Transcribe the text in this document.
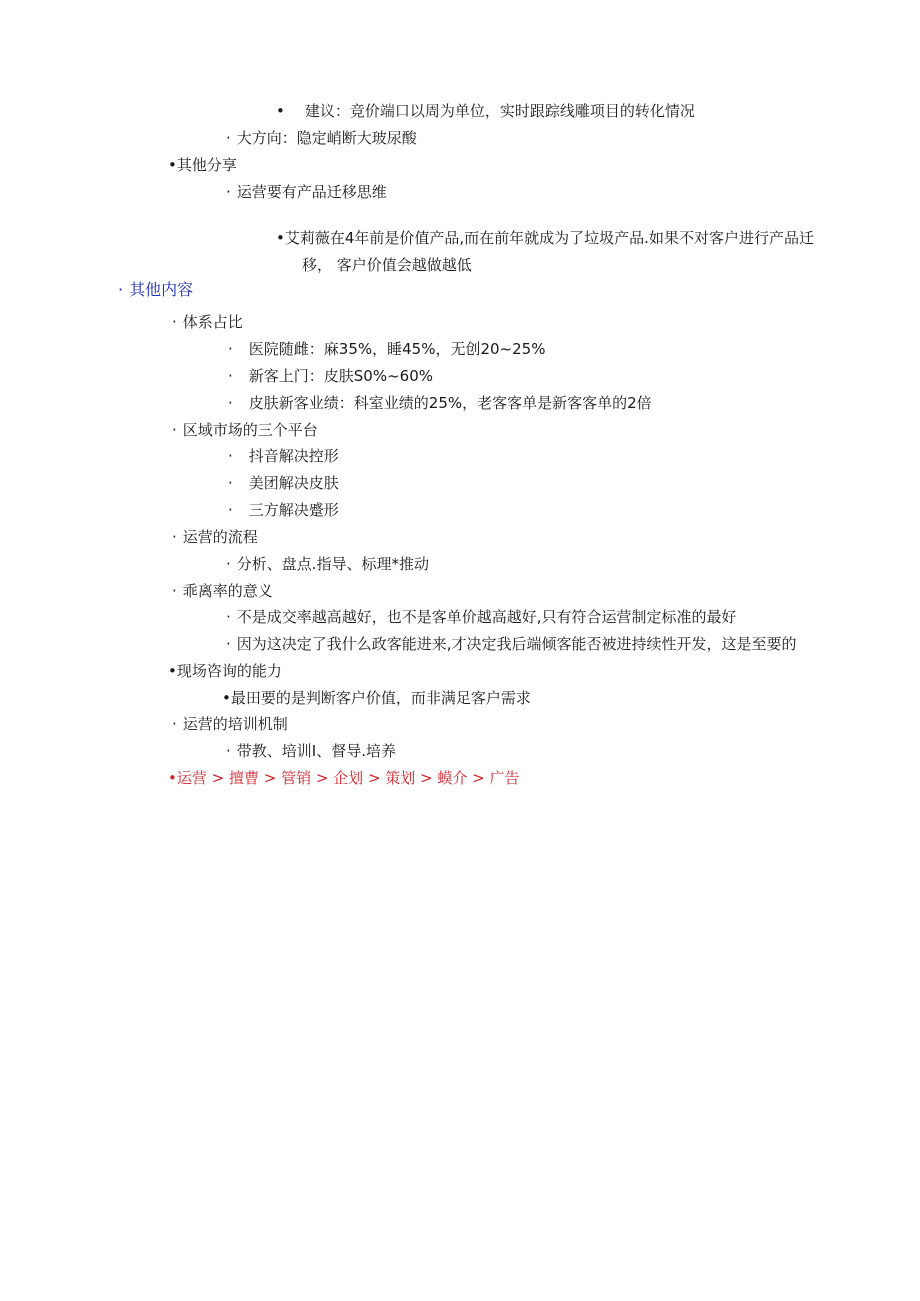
• 建议：竞价端口以周为单位，实时跟踪线雕项目的转化情况
· 大方向：隐定峭断大玻尿酸
•其他分享
· 运营要有产品迁移思维
•艾莉薇在4年前是价值产品,而在前年就成为了垃圾产品.如果不对客户进行产品迁
移， 客户价值会越做越低
· 其他内容
· 体系占比
· 医院随雌：麻35%，睡45%，无创20~25%
· 新客上门：皮肤S0%~60%
· 皮肤新客业绩：科室业绩的25%，老客客单是新客客单的2倍
· 区域市场的三个平台
· 抖音解决控形
· 美团解决皮肤
· 三方解决蹙形
· 运营的流程
· 分析、盘点.指导、标理*推动
· 乖离率的意义
· 不是成交率越高越好，也不是客单价越高越好,只有符合运营制定标准的最好
· 因为这决定了我什么政客能进来,才决定我后端倾客能否被进持续性开发，这是至要的
•现场咨询的能力
•最田要的是判断客户价值，而非满足客户需求
· 运营的培训机制
· 带教、培训I、督导.培养
•运营 > 擅曹 > 管销 > 企划 > 策划 > 蟆介 > 广告
